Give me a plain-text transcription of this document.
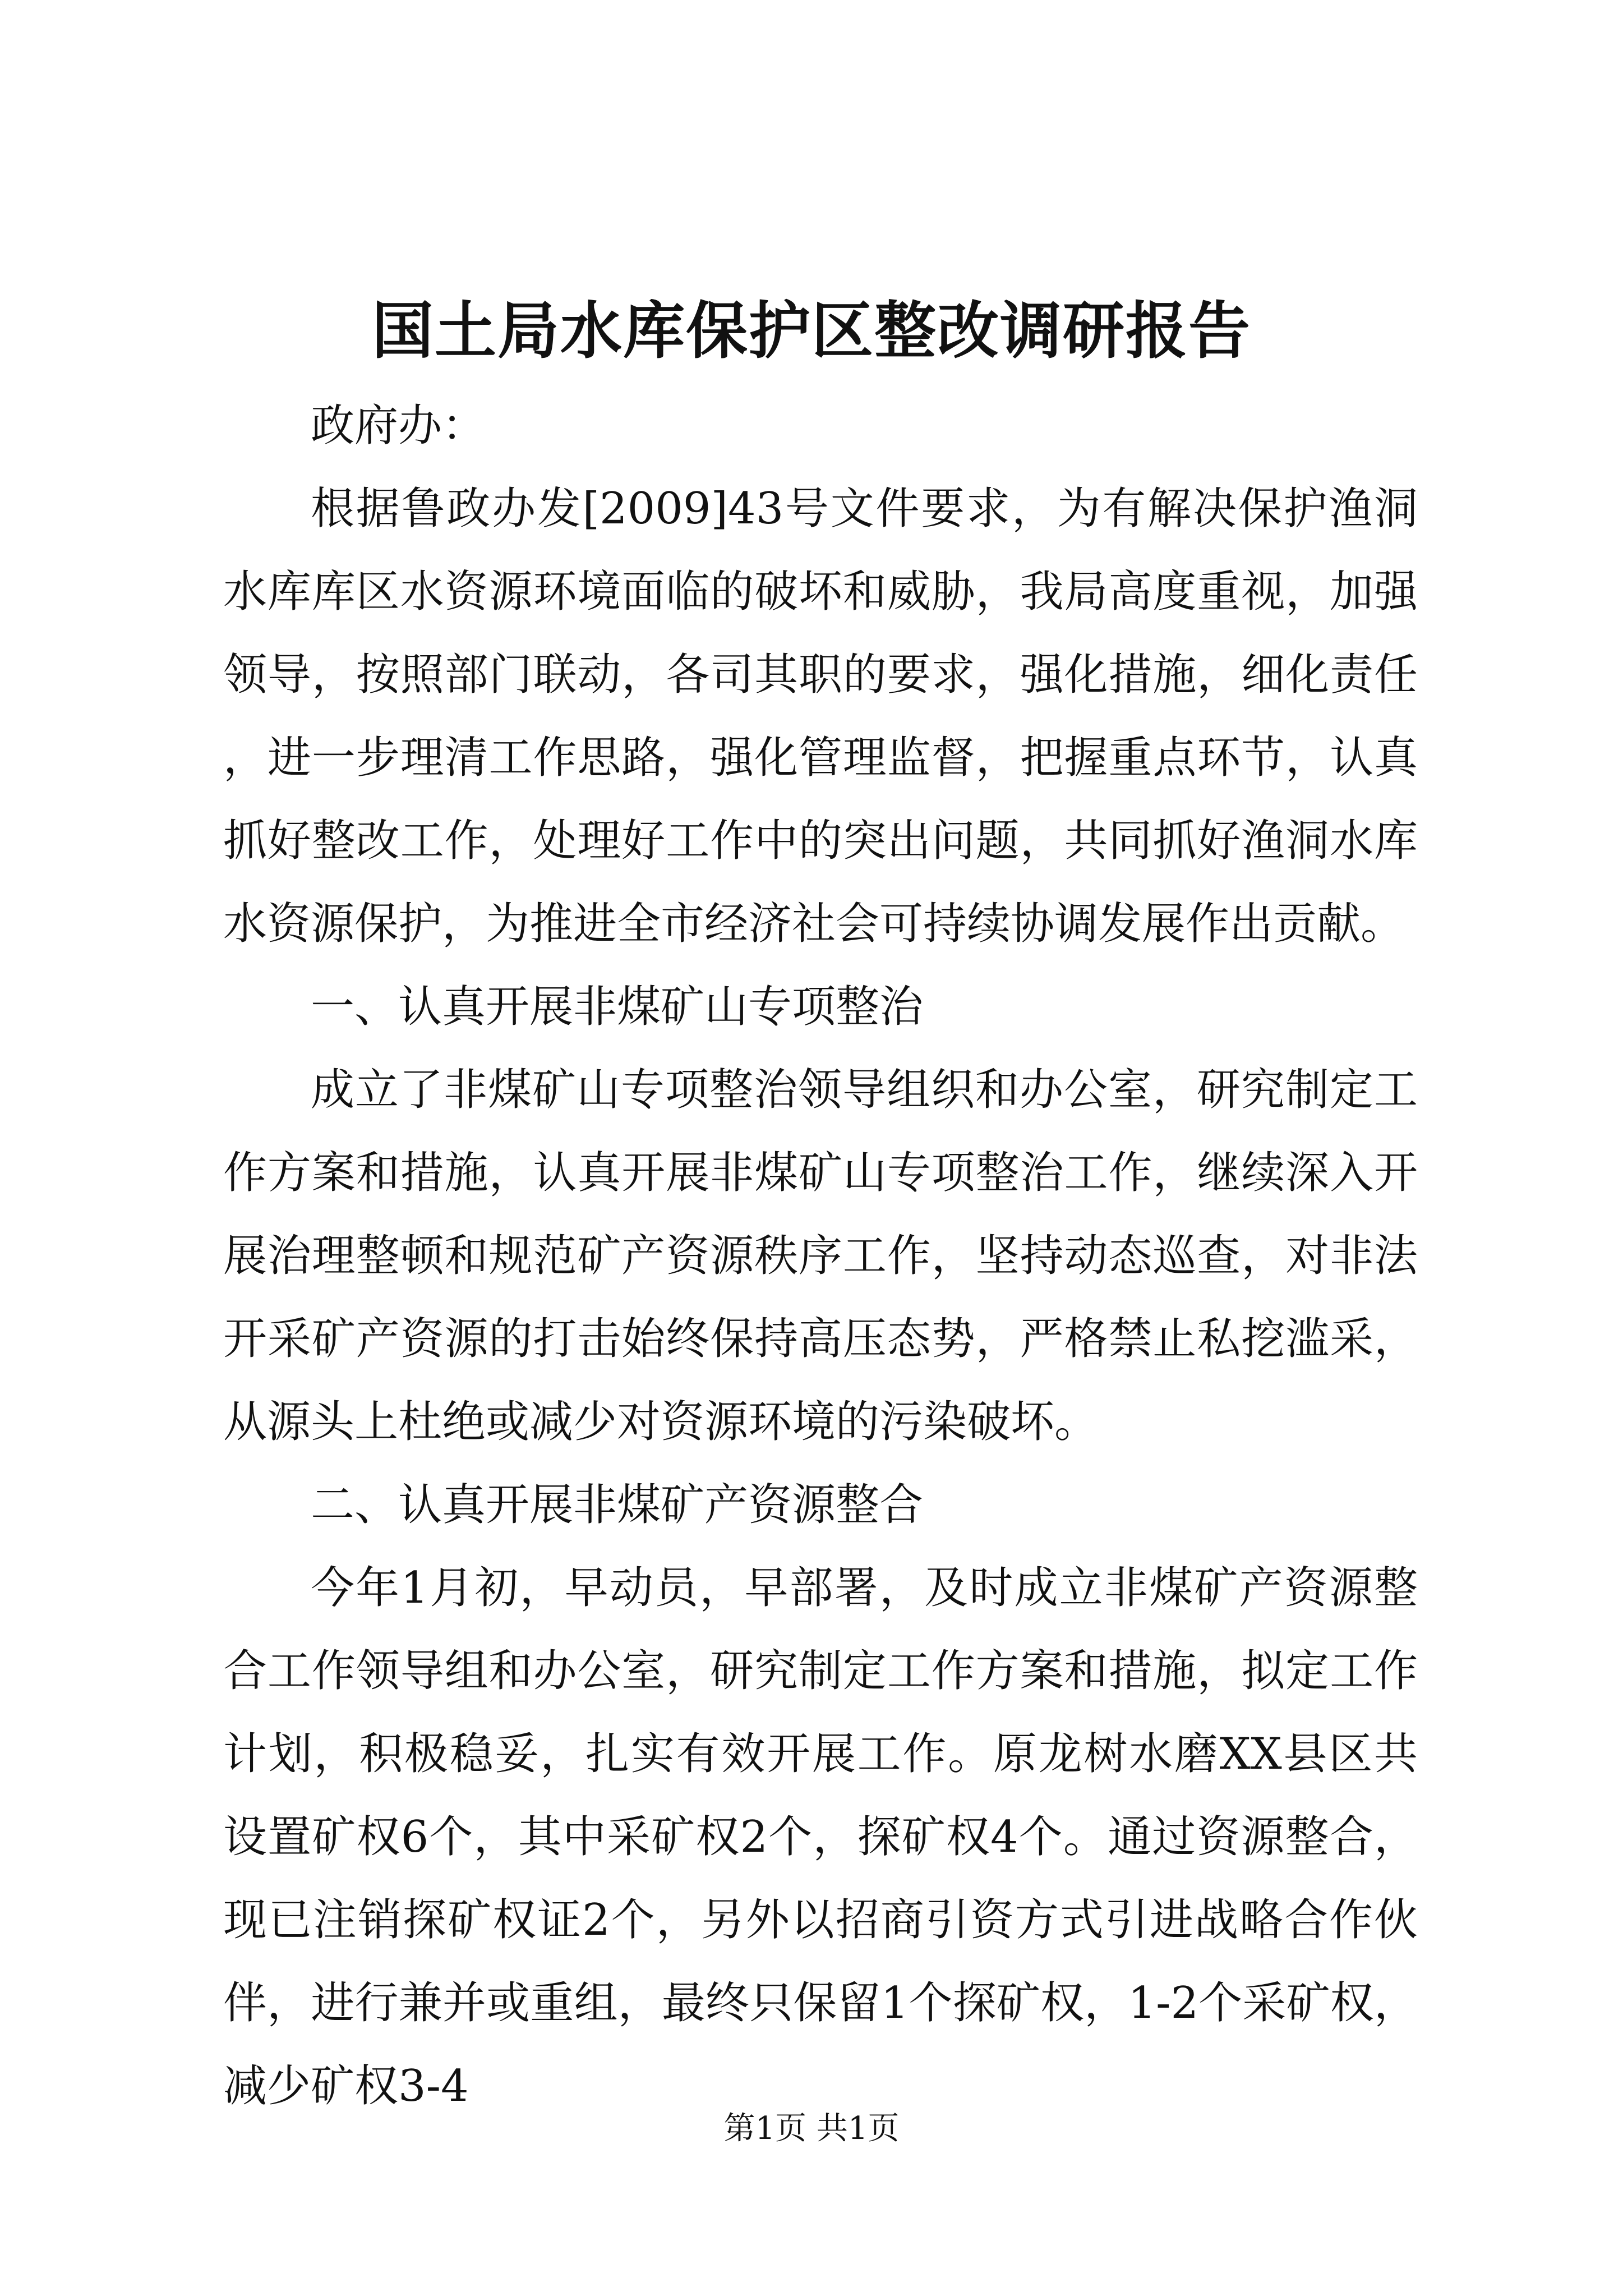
国土局水库保护区整改调研报告

政府办：

根据鲁政办发[2009]43号文件要求，为有解决保护渔洞水库库区水资源环境面临的破坏和威胁，我局高度重视，加强领导，按照部门联动，各司其职的要求，强化措施，细化责任，进一步理清工作思路，强化管理监督，把握重点环节，认真抓好整改工作，处理好工作中的突出问题，共同抓好渔洞水库水资源保护，为推进全市经济社会可持续协调发展作出贡献。

一、认真开展非煤矿山专项整治

成立了非煤矿山专项整治领导组织和办公室，研究制定工作方案和措施，认真开展非煤矿山专项整治工作，继续深入开展治理整顿和规范矿产资源秩序工作，坚持动态巡查，对非法开采矿产资源的打击始终保持高压态势，严格禁止私挖滥采，从源头上杜绝或减少对资源环境的污染破坏。

二、认真开展非煤矿产资源整合

今年1月初，早动员，早部署，及时成立非煤矿产资源整合工作领导组和办公室，研究制定工作方案和措施，拟定工作计划，积极稳妥，扎实有效开展工作。原龙树水磨XX县区共设置矿权6个，其中采矿权2个，探矿权4个。通过资源整合，现已注销探矿权证2个，另外以招商引资方式引进战略合作伙伴，进行兼并或重组，最终只保留1个探矿权，1-2个采矿权，减少矿权3-4

第1页 共1页
